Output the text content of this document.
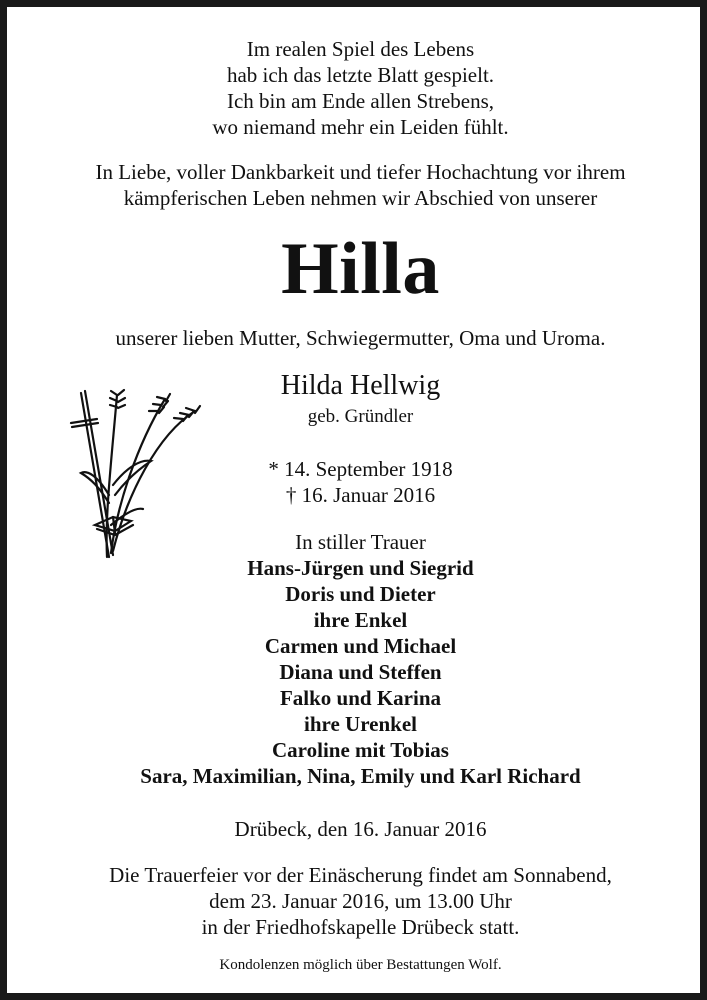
Im realen Spiel des Lebens
hab ich das letzte Blatt gespielt.
Ich bin am Ende allen Strebens,
wo niemand mehr ein Leiden fühlt.
In Liebe, voller Dankbarkeit und tiefer Hochachtung vor ihrem
kämpferischen Leben nehmen wir Abschied von unserer
Hilla
unserer lieben Mutter, Schwiegermutter, Oma und Uroma.
Hilda Hellwig
geb. Gründler
* 14. September 1918
† 16. Januar 2016
In stiller Trauer
Hans-Jürgen und Siegrid
Doris und Dieter
ihre Enkel
Carmen und Michael
Diana und Steffen
Falko und Karina
ihre Urenkel
Caroline mit Tobias
Sara, Maximilian, Nina, Emily und Karl Richard
Drübeck, den 16. Januar 2016
Die Trauerfeier vor der Einäscherung findet am Sonnabend,
dem 23. Januar 2016, um 13.00 Uhr
in der Friedhofskapelle Drübeck statt.
Kondolenzen möglich über Bestattungen Wolf.
